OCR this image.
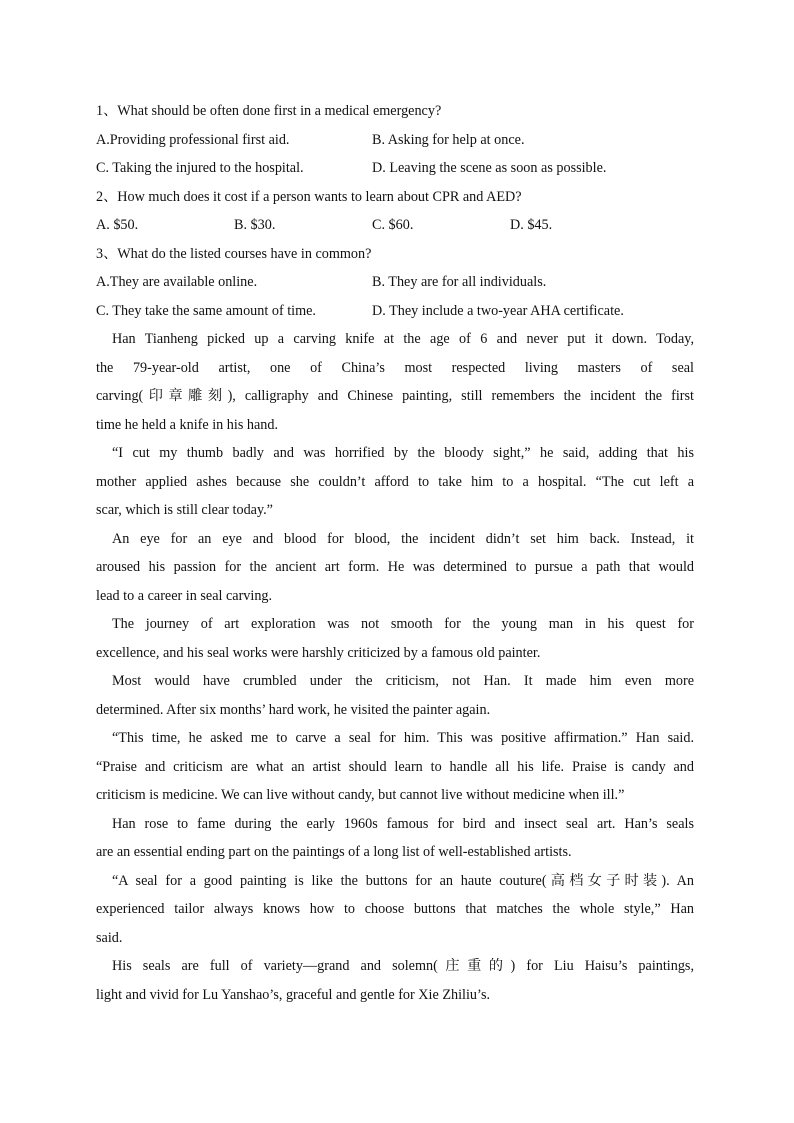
1、What should be often done first in a medical emergency?

A.Providing professional first aid.	B. Asking for help at once.
C. Taking the injured to the hospital.	D. Leaving the scene as soon as possible.

2、How much does it cost if a person wants to learn about CPR and AED?

A. $50.	B. $30.	C. $60.	D. $45.

3、What do the listed courses have in common?

A.They are available online.	B. They are for all individuals.
C. They take the same amount of time.	D. They include a two-year AHA certificate.

Han Tianheng picked up a carving knife at the age of 6 and never put it down. Today,
the 79-year-old artist, one of China’s most respected living masters of seal
carving(印章雕刻), calligraphy and Chinese painting, still remembers the incident the first
time he held a knife in his hand.

“I cut my thumb badly and was horrified by the bloody sight,” he said, adding that his
mother applied ashes because she couldn’t afford to take him to a hospital. “The cut left a
scar, which is still clear today.”

An eye for an eye and blood for blood, the incident didn’t set him back. Instead, it
aroused his passion for the ancient art form. He was determined to pursue a path that would
lead to a career in seal carving.

The journey of art exploration was not smooth for the young man in his quest for
excellence, and his seal works were harshly criticized by a famous old painter.

Most would have crumbled under the criticism, not Han. It made him even more
determined. After six months’ hard work, he visited the painter again.

“This time, he asked me to carve a seal for him. This was positive affirmation.” Han said.
“Praise and criticism are what an artist should learn to handle all his life. Praise is candy and
criticism is medicine. We can live without candy, but cannot live without medicine when ill.”

Han rose to fame during the early 1960s famous for bird and insect seal art. Han’s seals
are an essential ending part on the paintings of a long list of well-established artists.

“A seal for a good painting is like the buttons for an haute couture(高档女子时装). An
experienced tailor always knows how to choose buttons that matches the whole style,” Han
said.

His seals are full of variety—grand and solemn(庄重的) for Liu Haisu’s paintings,
light and vivid for Lu Yanshao’s, graceful and gentle for Xie Zhiliu’s.
